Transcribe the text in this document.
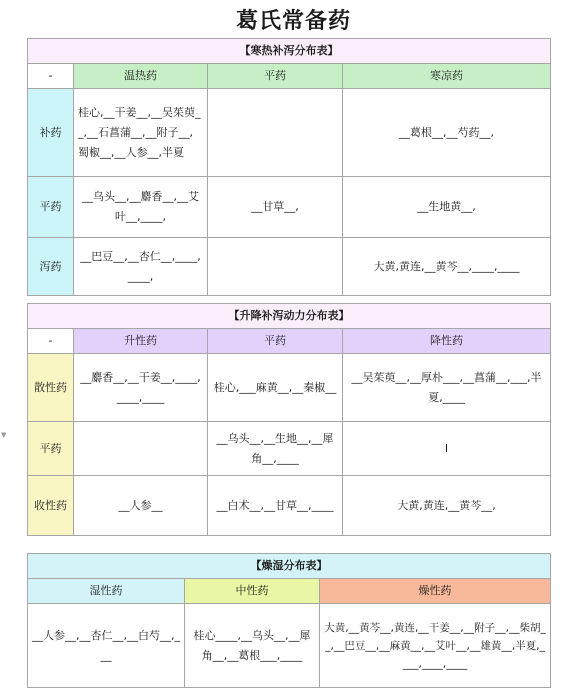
葛氏常备药
▼
【寒热补泻分布表】			
-	温热药	平药	寒凉药
补药	桂心,__干姜__,__吴茱萸__,__石菖蒲__,__附子__,蜀椒__,__人参__,半夏		__葛根__,__芍药__,
平药	__乌头__,__麝香__,__艾叶__,____,	__甘草__,	__生地黄__,
泻药	__巴豆__,__杏仁__,____,____,		大黄,黄连,__黄芩__,____,____
【升降补泻动力分布表】			
-	升性药	平药	降性药
散性药	__麝香__,__干姜__,____,____,____	桂心,___麻黄__,__秦椒__	__吴茱萸__,__厚朴___,__菖蒲__,___,半夏,____
平药		__乌头__,__生地__,__犀角__,____	I
收性药	__人参__	__白术__,__甘草__,____	大黄,黄连,__黄芩__,
【燥湿分布表】		
湿性药	中性药	燥性药
__人参__,__杏仁__,__白芍__,___	桂心____,__乌头__,__犀角__,__葛根___,____	大黄,__黄芩__,黄连,__干姜__,__附子__,__柴胡__,__巴豆__,__麻黄__,__艾叶__,__雄黄__,半夏,____,____,____
